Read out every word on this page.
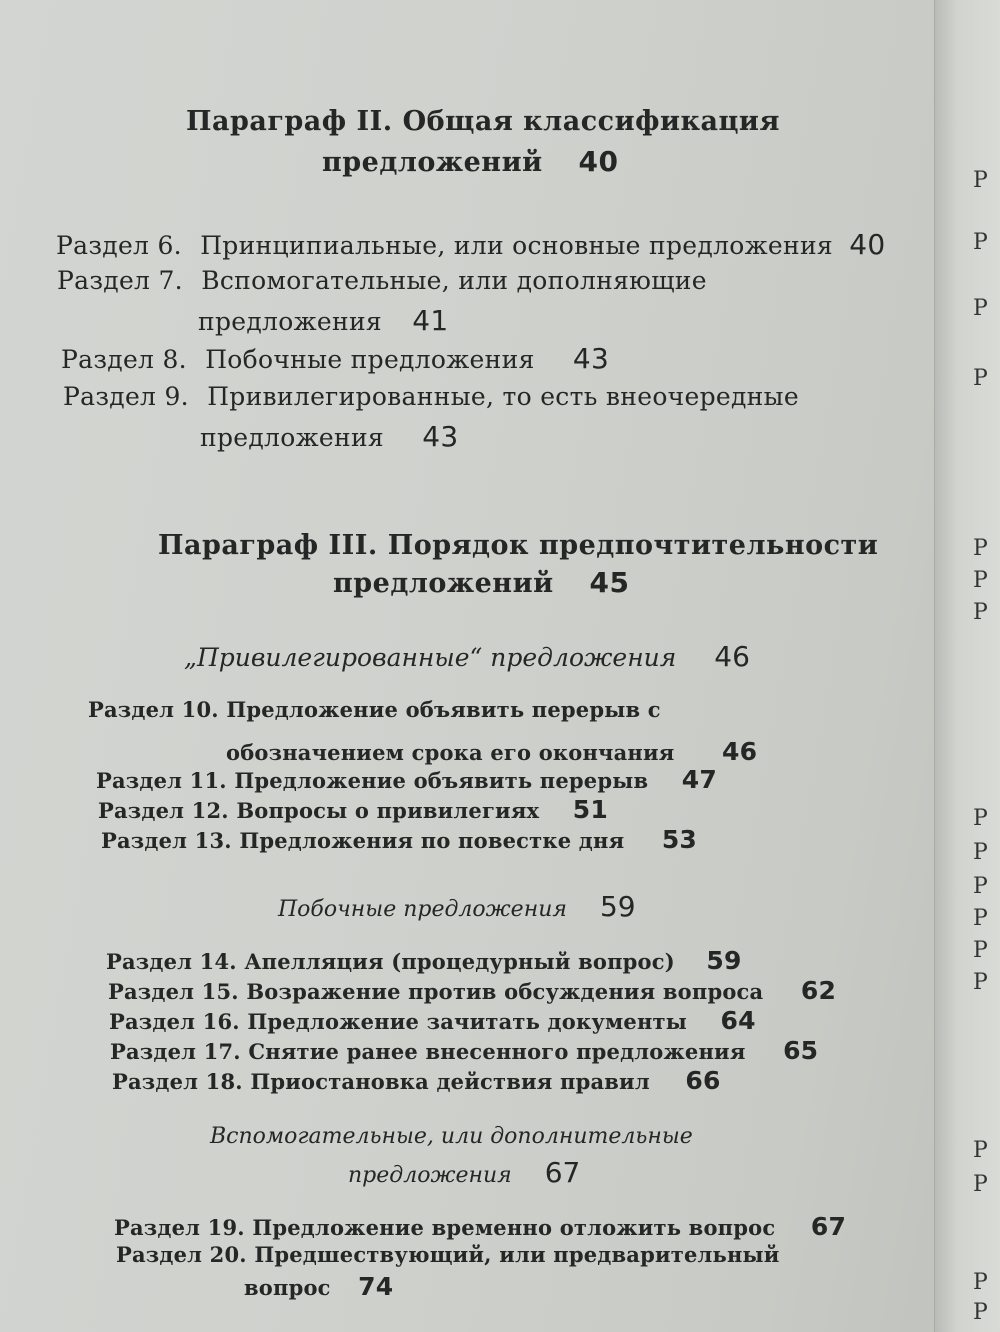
Параграф II. Общая классификация
предложений 40
Раздел 6. Принципиальные, или основные предложения 40
Раздел 7. Вспомогательные, или дополняющие
предложения 41
Раздел 8. Побочные предложения 43
Раздел 9. Привилегированные, то есть внеочередные
предложения 43
Параграф III. Порядок предпочтительности
предложений 45
„Привилегированные“ предложения 46
Раздел 10. Предложение объявить перерыв с
обозначением срока его окончания 46
Раздел 11. Предложение объявить перерыв 47
Раздел 12. Вопросы о привилегиях 51
Раздел 13. Предложения по повестке дня 53
Побочные предложения 59
Раздел 14. Апелляция (процедурный вопрос) 59
Раздел 15. Возражение против обсуждения вопроса 62
Раздел 16. Предложение зачитать документы 64
Раздел 17. Снятие ранее внесенного предложения 65
Раздел 18. Приостановка действия правил 66
Вспомогательные, или дополнительные
предложения 67
Раздел 19. Предложение временно отложить вопрос 67
Раздел 20. Предшествующий, или предварительный
вопрос 74
Р
Р
Р
Р
Р
Р
Р
Р
Р
Р
Р
Р
Р
Р
Р
Р
Р
